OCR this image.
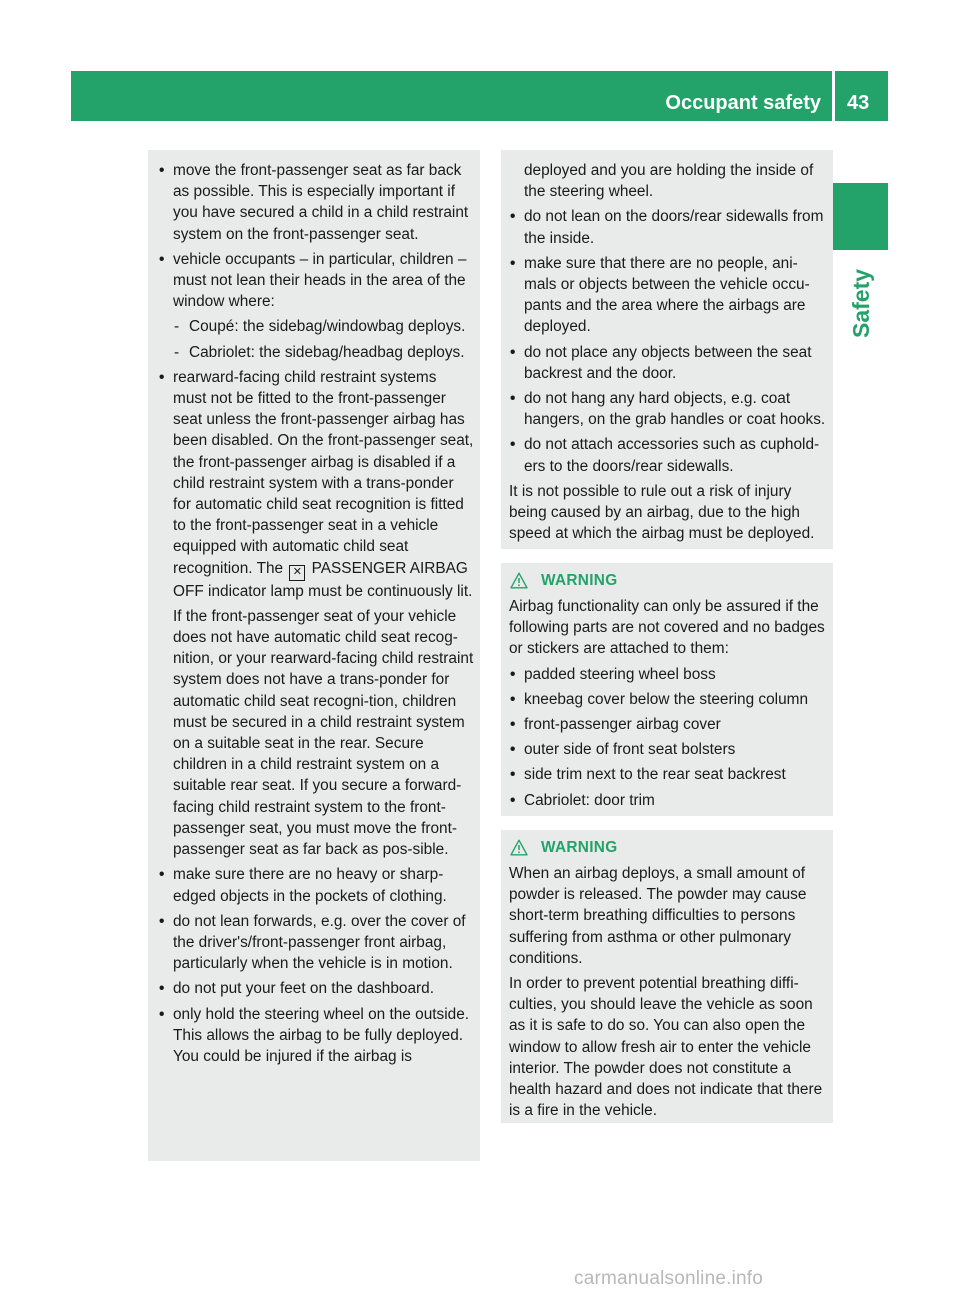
Occupant safety 43
Safety
• move the front-passenger seat as far back as possible. This is especially important if you have secured a child in a child restraint system on the front-passenger seat.
• vehicle occupants – in particular, children – must not lean their heads in the area of the window where:
- Coupé: the sidebag/windowbag deploys.
- Cabriolet: the sidebag/headbag deploys.
• rearward-facing child restraint systems must not be fitted to the front-passenger seat unless the front-passenger airbag has been disabled. On the front-passenger seat, the front-passenger airbag is disabled if a child restraint system with a trans-ponder for automatic child seat recognition is fitted to the front-passenger seat in a vehicle equipped with automatic child seat recognition. The ✕ PASSENGER AIRBAG OFF indicator lamp must be continuously lit.
If the front-passenger seat of your vehicle does not have automatic child seat recog-nition, or your rearward-facing child restraint system does not have a trans-ponder for automatic child seat recogni-tion, children must be secured in a child restraint system on a suitable seat in the rear. Secure children in a child restraint system on a suitable rear seat. If you secure a forward-facing child restraint system to the front-passenger seat, you must move the front-passenger seat as far back as pos-sible.
• make sure there are no heavy or sharp-edged objects in the pockets of clothing.
• do not lean forwards, e.g. over the cover of the driver's/front-passenger front airbag, particularly when the vehicle is in motion.
• do not put your feet on the dashboard.
• only hold the steering wheel on the outside. This allows the airbag to be fully deployed. You could be injured if the airbag is
deployed and you are holding the inside of the steering wheel.
• do not lean on the doors/rear sidewalls from the inside.
• make sure that there are no people, ani-mals or objects between the vehicle occu-pants and the area where the airbags are deployed.
• do not place any objects between the seat backrest and the door.
• do not hang any hard objects, e.g. coat hangers, on the grab handles or coat hooks.
• do not attach accessories such as cuphold-ers to the doors/rear sidewalls.
It is not possible to rule out a risk of injury being caused by an airbag, due to the high speed at which the airbag must be deployed.
WARNING
Airbag functionality can only be assured if the following parts are not covered and no badges or stickers are attached to them:
• padded steering wheel boss
• kneebag cover below the steering column
• front-passenger airbag cover
• outer side of front seat bolsters
• side trim next to the rear seat backrest
• Cabriolet: door trim
WARNING
When an airbag deploys, a small amount of powder is released. The powder may cause short-term breathing difficulties to persons suffering from asthma or other pulmonary conditions.
In order to prevent potential breathing diffi-culties, you should leave the vehicle as soon as it is safe to do so. You can also open the window to allow fresh air to enter the vehicle interior. The powder does not constitute a health hazard and does not indicate that there is a fire in the vehicle.
carmanualsonline.info
